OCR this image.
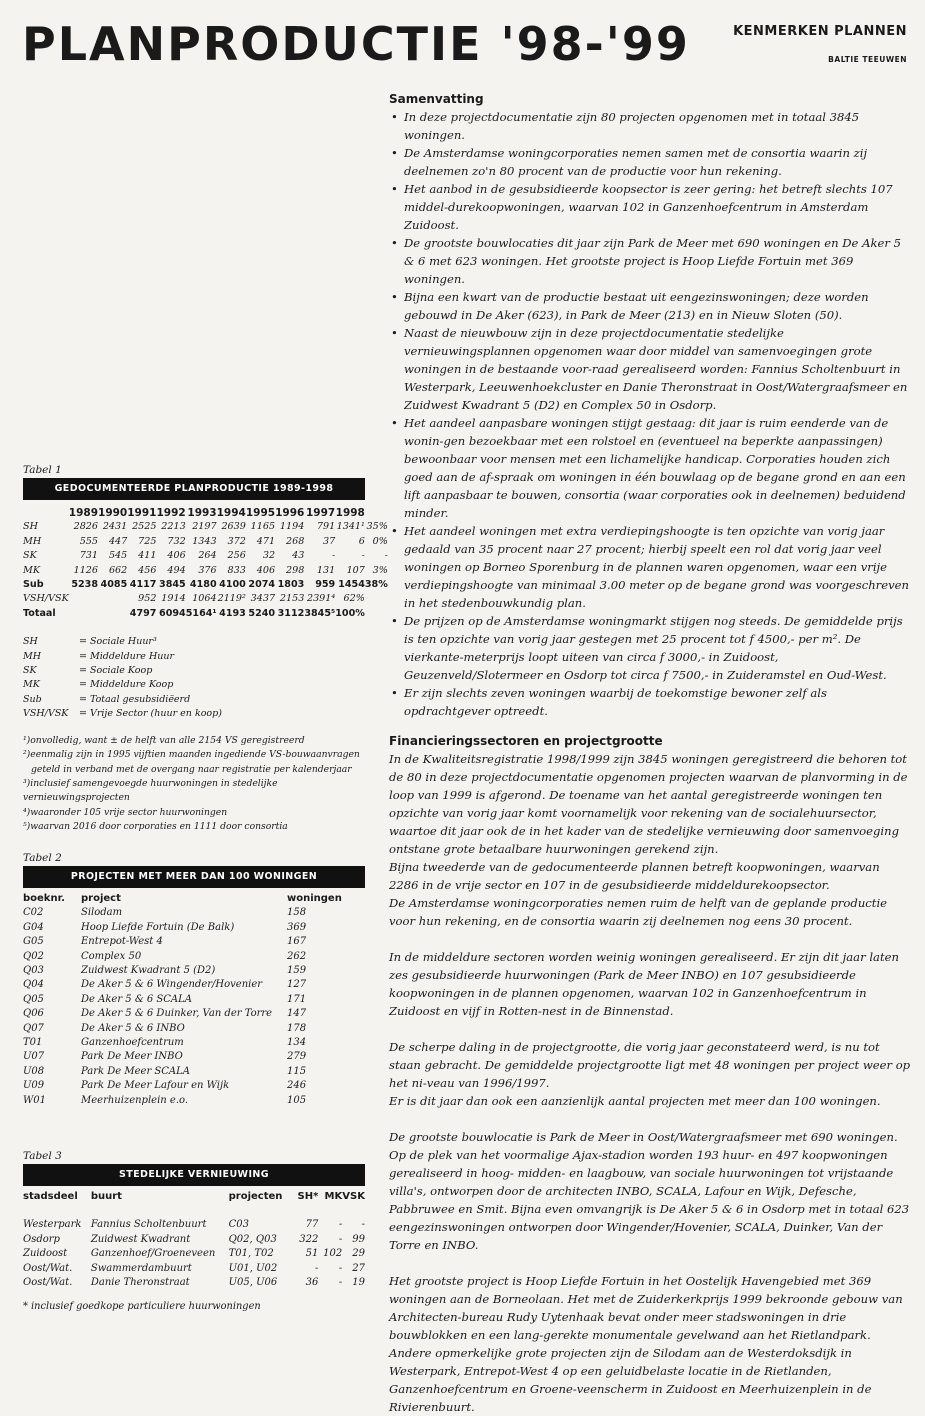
PLANPRODUCTIE '98-'99	KENMERKEN PLANNEN
BALTIE TEEUWEN
Samenvatting
• In deze projectdocumentatie zijn 80 projecten opgenomen met in totaal 3845 woningen.
• De Amsterdamse woningcorporaties nemen samen met de consortia waarin zij deelnemen zo'n 80 procent van de productie voor hun rekening.
• Het aanbod in de gesubsidieerde koopsector is zeer gering: het betreft slechts 107 middel-durekoopwoningen, waarvan 102 in Ganzenhoefcentrum in Amsterdam Zuidoost.
• De grootste bouwlocaties dit jaar zijn Park de Meer met 690 woningen en De Aker 5 & 6 met 623 woningen. Het grootste project is Hoop Liefde Fortuin met 369 woningen.
• Bijna een kwart van de productie bestaat uit eengezinswoningen; deze worden gebouwd in De Aker (623), in Park de Meer (213) en in Nieuw Sloten (50).
• Naast de nieuwbouw zijn in deze projectdocumentatie stedelijke vernieuwingsplannen opgenomen waar door middel van samenvoegingen grote woningen in de bestaande voor-raad gerealiseerd worden: Fannius Scholtenbuurt in Westerpark, Leeuwenhoekcluster en Danie Theronstraat in Oost/Watergraafsmeer en Zuidwest Kwadrant 5 (D2) en Complex 50 in Osdorp.
• Het aandeel aanpasbare woningen stijgt gestaag: dit jaar is ruim eenderde van de wonin-gen bezoekbaar met een rolstoel en (eventueel na beperkte aanpassingen) bewoonbaar voor mensen met een lichamelijke handicap. Corporaties houden zich goed aan de af-spraak om woningen in één bouwlaag op de begane grond en aan een lift aanpasbaar te bouwen, consortia (waar corporaties ook in deelnemen) beduidend minder.
• Het aandeel woningen met extra verdiepingshoogte is ten opzichte van vorig jaar gedaald van 35 procent naar 27 procent; hierbij speelt een rol dat vorig jaar veel woningen op Borneo Sporenburg in de plannen waren opgenomen, waar een vrije verdiepingshoogte van minimaal 3.00 meter op de begane grond was voorgeschreven in het stedenbouwkundig plan.
• De prijzen op de Amsterdamse woningmarkt stijgen nog steeds. De gemiddelde prijs is ten opzichte van vorig jaar gestegen met 25 procent tot f 4500,- per m². De vierkante-meterprijs loopt uiteen van circa f 3000,- in Zuidoost, Geuzenveld/Slotermeer en Osdorp tot circa f 7500,- in Zuideramstel en Oud-West.
• Er zijn slechts zeven woningen waarbij de toekomstige bewoner zelf als opdrachtgever optreedt.
Financieringssectoren en projectgrootte

In de Kwaliteitsregistratie 1998/1999 zijn 3845 woningen geregistreerd die behoren tot de 80 in deze projectdocumentatie opgenomen projecten waarvan de planvorming in de loop van 1999 is afgerond. De toename van het aantal geregistreerde woningen ten opzichte van vorig jaar komt voornamelijk voor rekening van de socialehuursector, waartoe dit jaar ook de in het kader van de stedelijke vernieuwing door samenvoeging ontstane grote betaalbare huurwoningen gerekend zijn.

Bijna tweederde van de gedocumenteerde plannen betreft koopwoningen, waarvan 2286 in de vrije sector en 107 in de gesubsidieerde middeldurekoopsector.

De Amsterdamse woningcorporaties nemen ruim de helft van de geplande productie voor hun rekening, en de consortia waarin zij deelnemen nog eens 30 procent.

In de middeldure sectoren worden weinig woningen gerealiseerd. Er zijn dit jaar laten zes gesubsidieerde huurwoningen (Park de Meer INBO) en 107 gesubsidieerde koopwoningen in de plannen opgenomen, waarvan 102 in Ganzenhoefcentrum in Zuidoost en vijf in Rotten-nest in de Binnenstad.

De scherpe daling in de projectgrootte, die vorig jaar geconstateerd werd, is nu tot staan gebracht. De gemiddelde projectgrootte ligt met 48 woningen per project weer op het ni-veau van 1996/1997.

Er is dit jaar dan ook een aanzienlijk aantal projecten met meer dan 100 woningen.

De grootste bouwlocatie is Park de Meer in Oost/Watergraafsmeer met 690 woningen. Op de plek van het voormalige Ajax-stadion worden 193 huur- en 497 koopwoningen gerealiseerd in hoog- midden- en laagbouw, van sociale huurwoningen tot vrijstaande villa's, ontworpen door de architecten INBO, SCALA, Lafour en Wijk, Defesche, Pabbruwee en Smit. Bijna even omvangrijk is De Aker 5 & 6 in Osdorp met in totaal 623 eengezinswoningen ontworpen door Wingender/Hovenier, SCALA, Duinker, Van der Torre en INBO.

Het grootste project is Hoop Liefde Fortuin in het Oostelijk Havengebied met 369 woningen aan de Borneolaan. Het met de Zuiderkerkprijs 1999 bekroonde gebouw van Architecten-bureau Rudy Uytenhaak bevat onder meer stadswoningen in drie bouwblokken en een lang-gerekte monumentale gevelwand aan het Rietlandpark.

Andere opmerkelijke grote projecten zijn de Silodam aan de Westerdoksdijk in Westerpark, Entrepot-West 4 op een geluidbelaste locatie in de Rietlanden, Ganzenhoefcentrum en Groene-veenscherm in Zuidoost en Meerhuizenplein in de Rivierenbuurt.

Tabel 1
GEDOCUMENTEERDE PLANPRODUCTIE 1989-1998
	1989	1990	1991	1992	1993	1994	1995	1996	1997	1998	
SH	2826	2431	2525	2213	2197	2639	1165	1194	791	1341¹	35%
MH	555	447	725	732	1343	372	471	268	37	6	0%
SK	731	545	411	406	264	256	32	43	-	-	-
MK	1126	662	456	494	376	833	406	298	131	107	3%
Sub	5238	4085	4117	3845	4180	4100	2074	1803	959	1454	38%
VSH/VSK			952	1914	1064	2119²	3437	2153	2391⁴	62%	
Totaal			4797	6094	5164¹	4193	5240	3112	3845⁵	100%	
SH	= Sociale Huur³
MH	= Middeldure Huur
SK	= Sociale Koop
MK	= Middeldure Koop
Sub	= Totaal gesubsidiëerd
VSH/VSK	= Vrije Sector (huur en koop)
¹)onvolledig, want ± de helft van alle 2154 VS geregistreerd
²)eenmalig zijn in 1995 vijftien maanden ingediende VS-bouwaanvragen
geteld in verband met de overgang naar registratie per kalenderjaar
³)inclusief samengevoegde huurwoningen in stedelijke vernieuwingsprojecten
⁴)waaronder 105 vrije sector huurwoningen
⁵)waarvan 2016 door corporaties en 1111 door consortia
Tabel 2
PROJECTEN MET MEER DAN 100 WONINGEN
boeknr.	project	woningen
C02	Silodam	158
G04	Hoop Liefde Fortuin (De Balk)	369
G05	Entrepot-West 4	167
Q02	Complex 50	262
Q03	Zuidwest Kwadrant 5 (D2)	159
Q04	De Aker 5 & 6 Wingender/Hovenier	127
Q05	De Aker 5 & 6 SCALA	171
Q06	De Aker 5 & 6 Duinker, Van der Torre	147
Q07	De Aker 5 & 6 INBO	178
T01	Ganzenhoefcentrum	134
U07	Park De Meer INBO	279
U08	Park De Meer SCALA	115
U09	Park De Meer Lafour en Wijk	246
W01	Meerhuizenplein e.o.	105
Tabel 3
STEDELIJKE VERNIEUWING
stadsdeel	buurt	projecten	SH*	MK	VSK

Westerpark	Fannius Scholtenbuurt	C03	77	-	-
Osdorp	Zuidwest Kwadrant	Q02, Q03	322	-	99
Zuidoost	Ganzenhoef/Groeneveen	T01, T02	51	102	29
Oost/Wat.	Swammerdambuurt	U01, U02	-	-	27
Oost/Wat.	Danie Theronstraat	U05, U06	36	-	19
* inclusief goedkope particuliere huurwoningen
